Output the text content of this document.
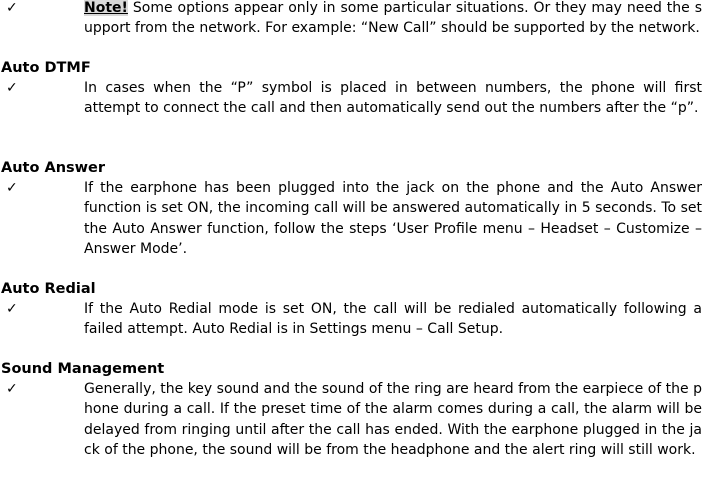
✓	Note! Some options appear only in some particular situations. Or they may need the support from the network. For example: “New Call” should be supported by the network.
Auto DTMF
✓	In cases when the “P” symbol is placed in between numbers, the phone will first attempt to connect the call and then automatically send out the numbers after the “p”.
Auto Answer
✓	If the earphone has been plugged into the jack on the phone and the Auto Answer function is set ON, the incoming call will be answered automatically in 5 seconds. To set the Auto Answer function, follow the steps ‘User Profile menu – Headset – Customize – Answer Mode’.
Auto Redial
✓	If the Auto Redial mode is set ON, the call will be redialed automatically following a failed attempt. Auto Redial is in Settings menu – Call Setup.
Sound Management
✓	Generally, the key sound and the sound of the ring are heard from the earpiece of the phone during a call. If the preset time of the alarm comes during a call, the alarm will be delayed from ringing until after the call has ended. With the earphone plugged in the jack of the phone, the sound will be from the headphone and the alert ring will still work.
